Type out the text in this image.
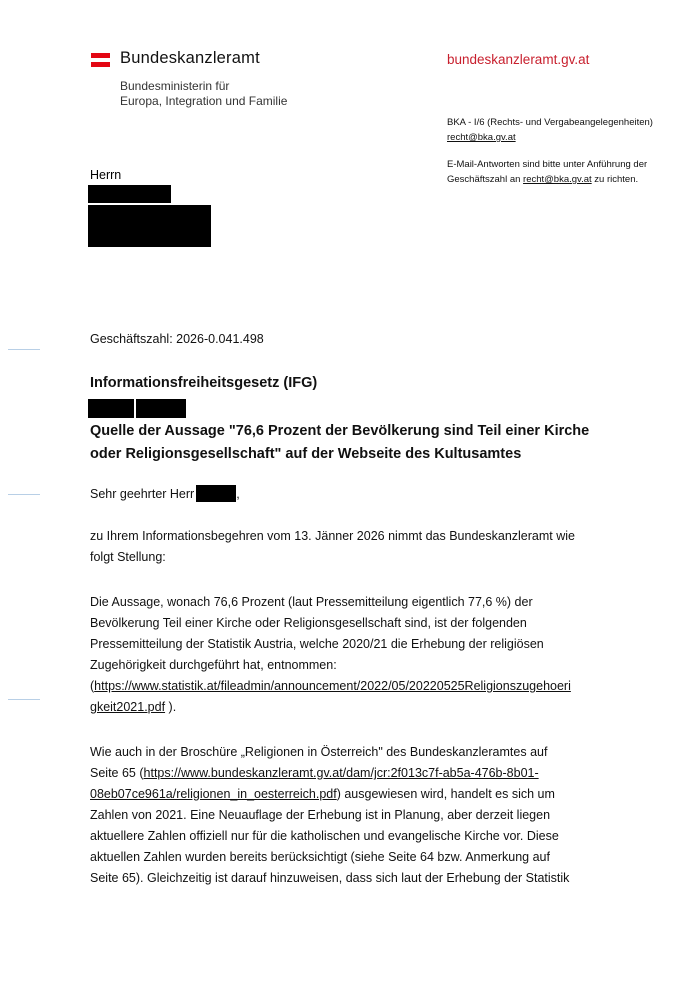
Bundeskanzleramt
Bundesministerin für
Europa, Integration und Familie
bundeskanzleramt.gv.at
BKA - I/6 (Rechts- und Vergabeangelegenheiten)
recht@bka.gv.at
E-Mail-Antworten sind bitte unter Anführung der
Geschäftszahl an recht@bka.gv.at zu richten.
Herrn
Geschäftszahl: 2026-0.041.498
Informationsfreiheitsgesetz (IFG)
Quelle der Aussage "76,6 Prozent der Bevölkerung sind Teil einer Kirche
oder Religionsgesellschaft" auf der Webseite des Kultusamtes
Sehr geehrter Herr	,
zu Ihrem Informationsbegehren vom 13. Jänner 2026 nimmt das Bundeskanzleramt wie
folgt Stellung:
Die Aussage, wonach 76,6 Prozent (laut Pressemitteilung eigentlich 77,6 %) der
Bevölkerung Teil einer Kirche oder Religionsgesellschaft sind, ist der folgenden
Pressemitteilung der Statistik Austria, welche 2020/21 die Erhebung der religiösen
Zugehörigkeit durchgeführt hat, entnommen:
(https://www.statistik.at/fileadmin/announcement/2022/05/20220525Religionszugehoeri
gkeit2021.pdf ).
Wie auch in der Broschüre „Religionen in Österreich" des Bundeskanzleramtes auf
Seite 65 (https://www.bundeskanzleramt.gv.at/dam/jcr:2f013c7f-ab5a-476b-8b01-
08eb07ce961a/religionen_in_oesterreich.pdf) ausgewiesen wird, handelt es sich um
Zahlen von 2021. Eine Neuauflage der Erhebung ist in Planung, aber derzeit liegen
aktuellere Zahlen offiziell nur für die katholischen und evangelische Kirche vor. Diese
aktuellen Zahlen wurden bereits berücksichtigt (siehe Seite 64 bzw. Anmerkung auf
Seite 65). Gleichzeitig ist darauf hinzuweisen, dass sich laut der Erhebung der Statistik
